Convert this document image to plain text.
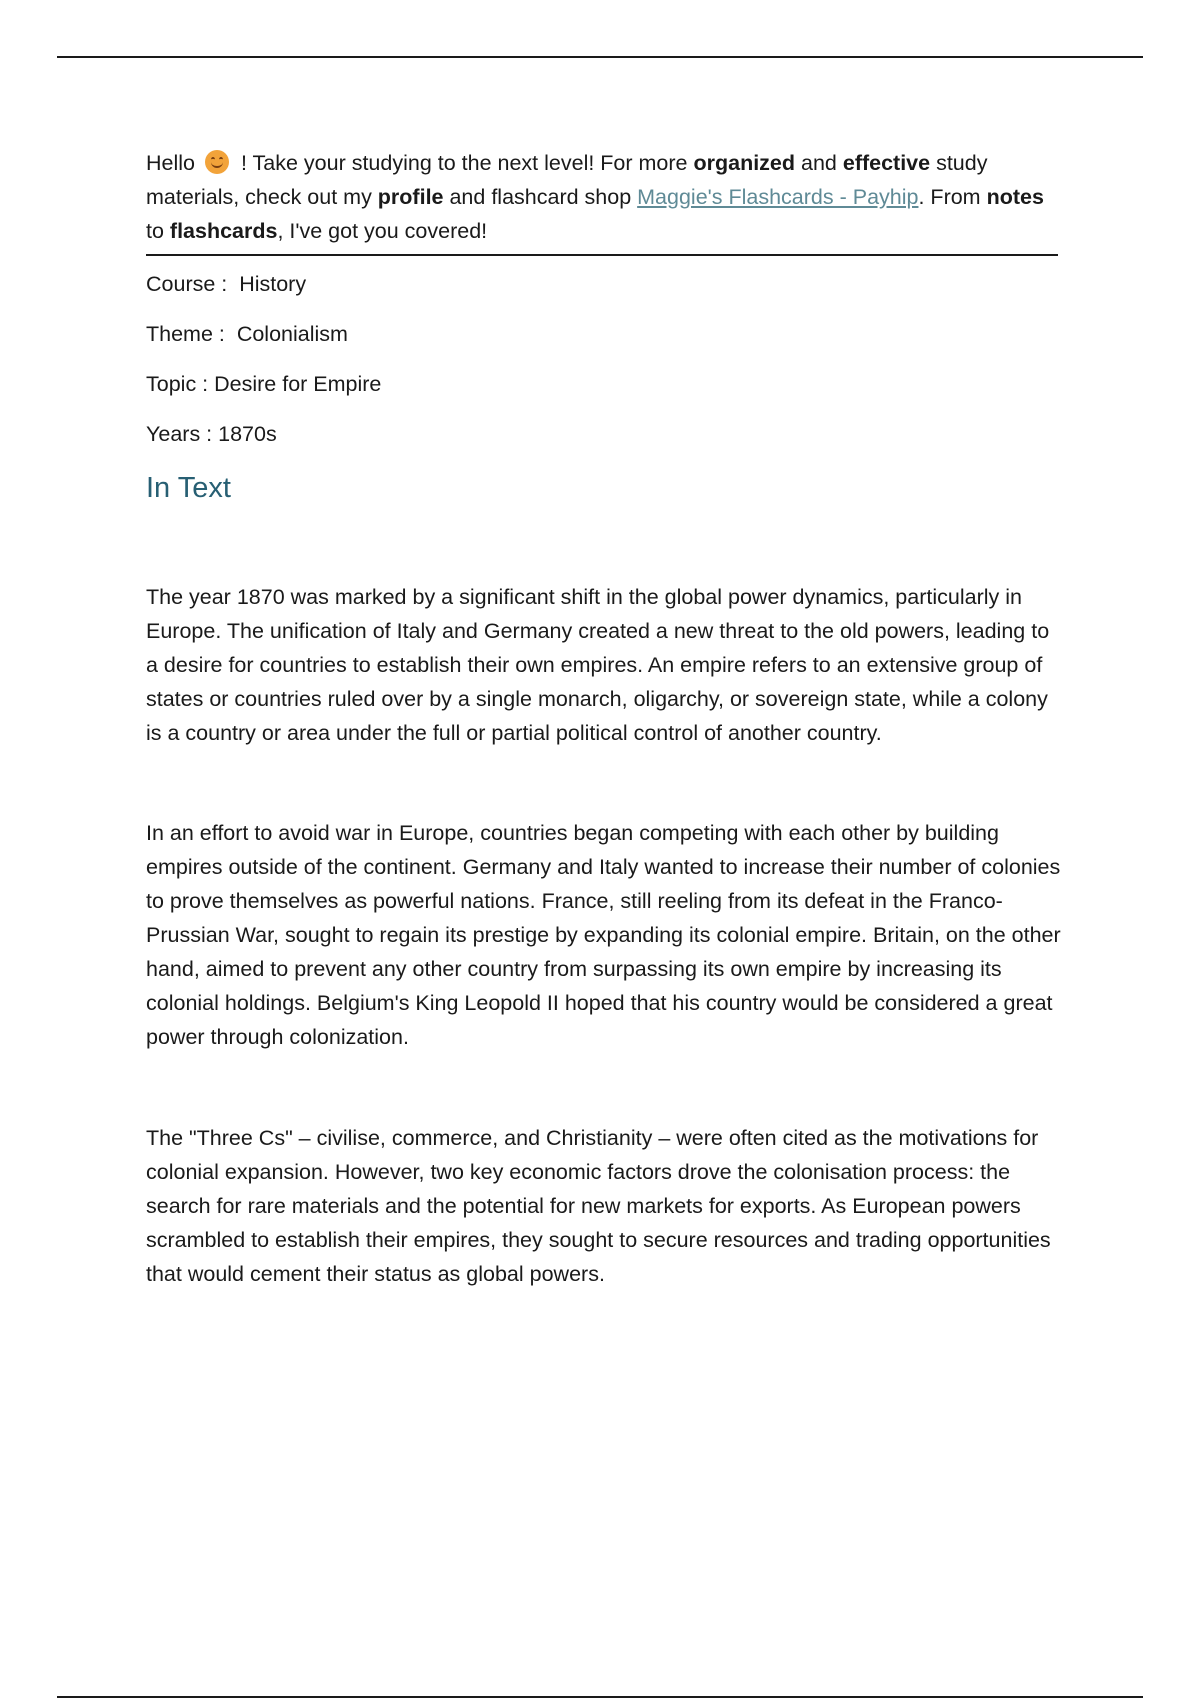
Hello
! Take your studying to the next level! For more organized and effective study materials, check out my profile and flashcard shop Maggie's Flashcards - Payhip. From notes to flashcards, I've got you covered!

Course :  History

Theme :  Colonialism

Topic : Desire for Empire

Years : 1870s

In Text

The year 1870 was marked by a significant shift in the global power dynamics, particularly in Europe. The unification of Italy and Germany created a new threat to the old powers, leading to a desire for countries to establish their own empires. An empire refers to an extensive group of states or countries ruled over by a single monarch, oligarchy, or sovereign state, while a colony is a country or area under the full or partial political control of another country.

In an effort to avoid war in Europe, countries began competing with each other by building empires outside of the continent. Germany and Italy wanted to increase their number of colonies to prove themselves as powerful nations. France, still reeling from its defeat in the Franco-Prussian War, sought to regain its prestige by expanding its colonial empire. Britain, on the other hand, aimed to prevent any other country from surpassing its own empire by increasing its colonial holdings. Belgium's King Leopold II hoped that his country would be considered a great power through colonization.

The "Three Cs" – civilise, commerce, and Christianity – were often cited as the motivations for colonial expansion. However, two key economic factors drove the colonisation process: the search for rare materials and the potential for new markets for exports. As European powers scrambled to establish their empires, they sought to secure resources and trading opportunities that would cement their status as global powers.
